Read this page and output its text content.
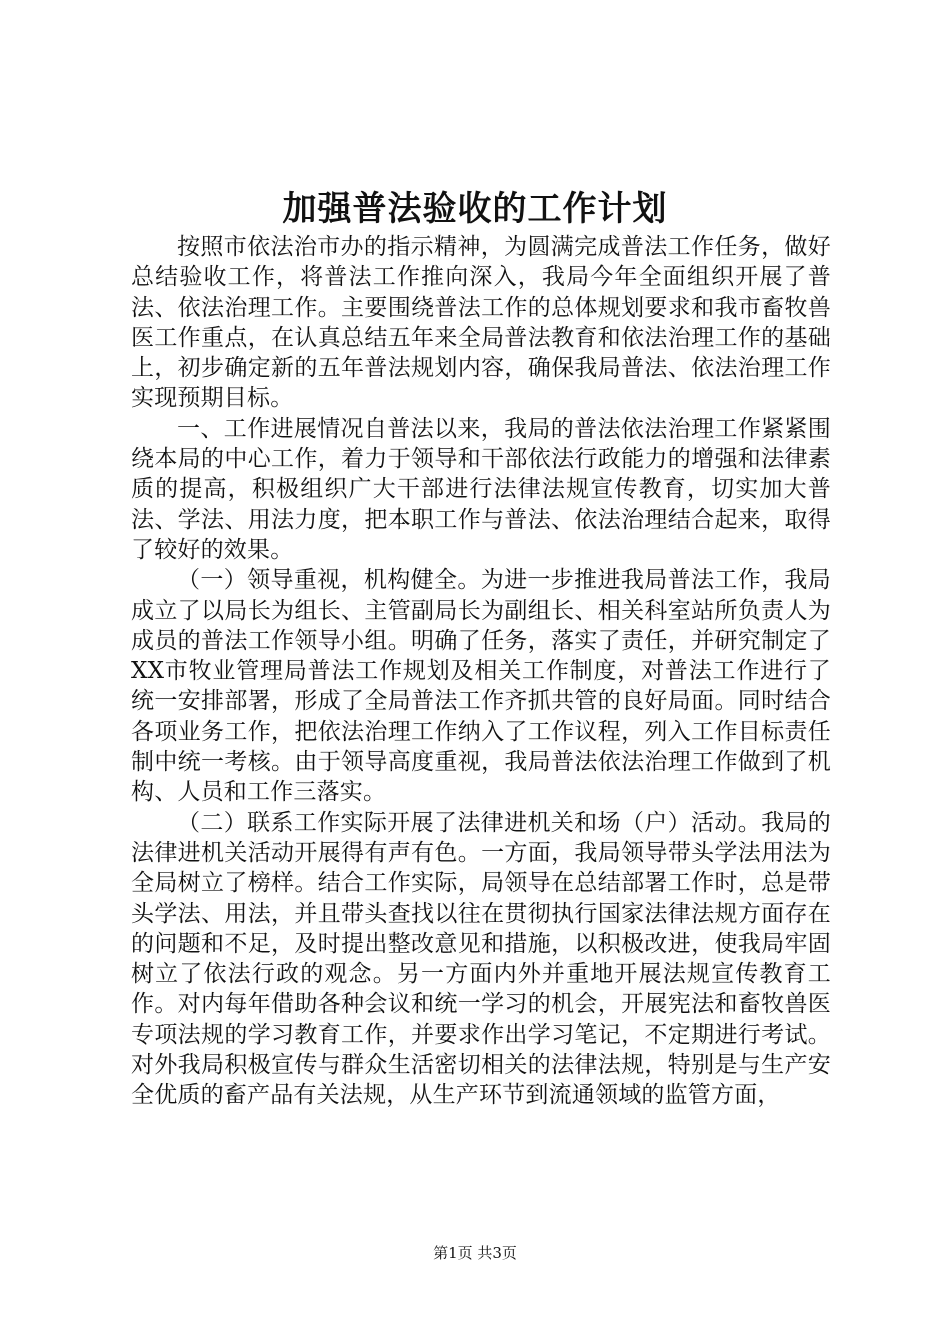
加强普法验收的工作计划

按照市依法治市办的指示精神，为圆满完成普法工作任务，做好总结验收工作，将普法工作推向深入，我局今年全面组织开展了普法、依法治理工作。主要围绕普法工作的总体规划要求和我市畜牧兽医工作重点，在认真总结五年来全局普法教育和依法治理工作的基础上，初步确定新的五年普法规划内容，确保我局普法、依法治理工作实现预期目标。

一、工作进展情况自普法以来，我局的普法依法治理工作紧紧围绕本局的中心工作，着力于领导和干部依法行政能力的增强和法律素质的提高，积极组织广大干部进行法律法规宣传教育，切实加大普法、学法、用法力度，把本职工作与普法、依法治理结合起来，取得了较好的效果。

（一）领导重视，机构健全。为进一步推进我局普法工作，我局成立了以局长为组长、主管副局长为副组长、相关科室站所负责人为成员的普法工作领导小组。明确了任务，落实了责任，并研究制定了XX市牧业管理局普法工作规划及相关工作制度，对普法工作进行了统一安排部署，形成了全局普法工作齐抓共管的良好局面。同时结合各项业务工作，把依法治理工作纳入了工作议程，列入工作目标责任制中统一考核。由于领导高度重视，我局普法依法治理工作做到了机构、人员和工作三落实。

（二）联系工作实际开展了法律进机关和场（户）活动。我局的法律进机关活动开展得有声有色。一方面，我局领导带头学法用法为全局树立了榜样。结合工作实际，局领导在总结部署工作时，总是带头学法、用法，并且带头查找以往在贯彻执行国家法律法规方面存在的问题和不足，及时提出整改意见和措施，以积极改进，使我局牢固树立了依法行政的观念。另一方面内外并重地开展法规宣传教育工作。对内每年借助各种会议和统一学习的机会，开展宪法和畜牧兽医专项法规的学习教育工作，并要求作出学习笔记，不定期进行考试。对外我局积极宣传与群众生活密切相关的法律法规，特别是与生产安全优质的畜产品有关法规，从生产环节到流通领域的监管方面，

第1页 共3页
